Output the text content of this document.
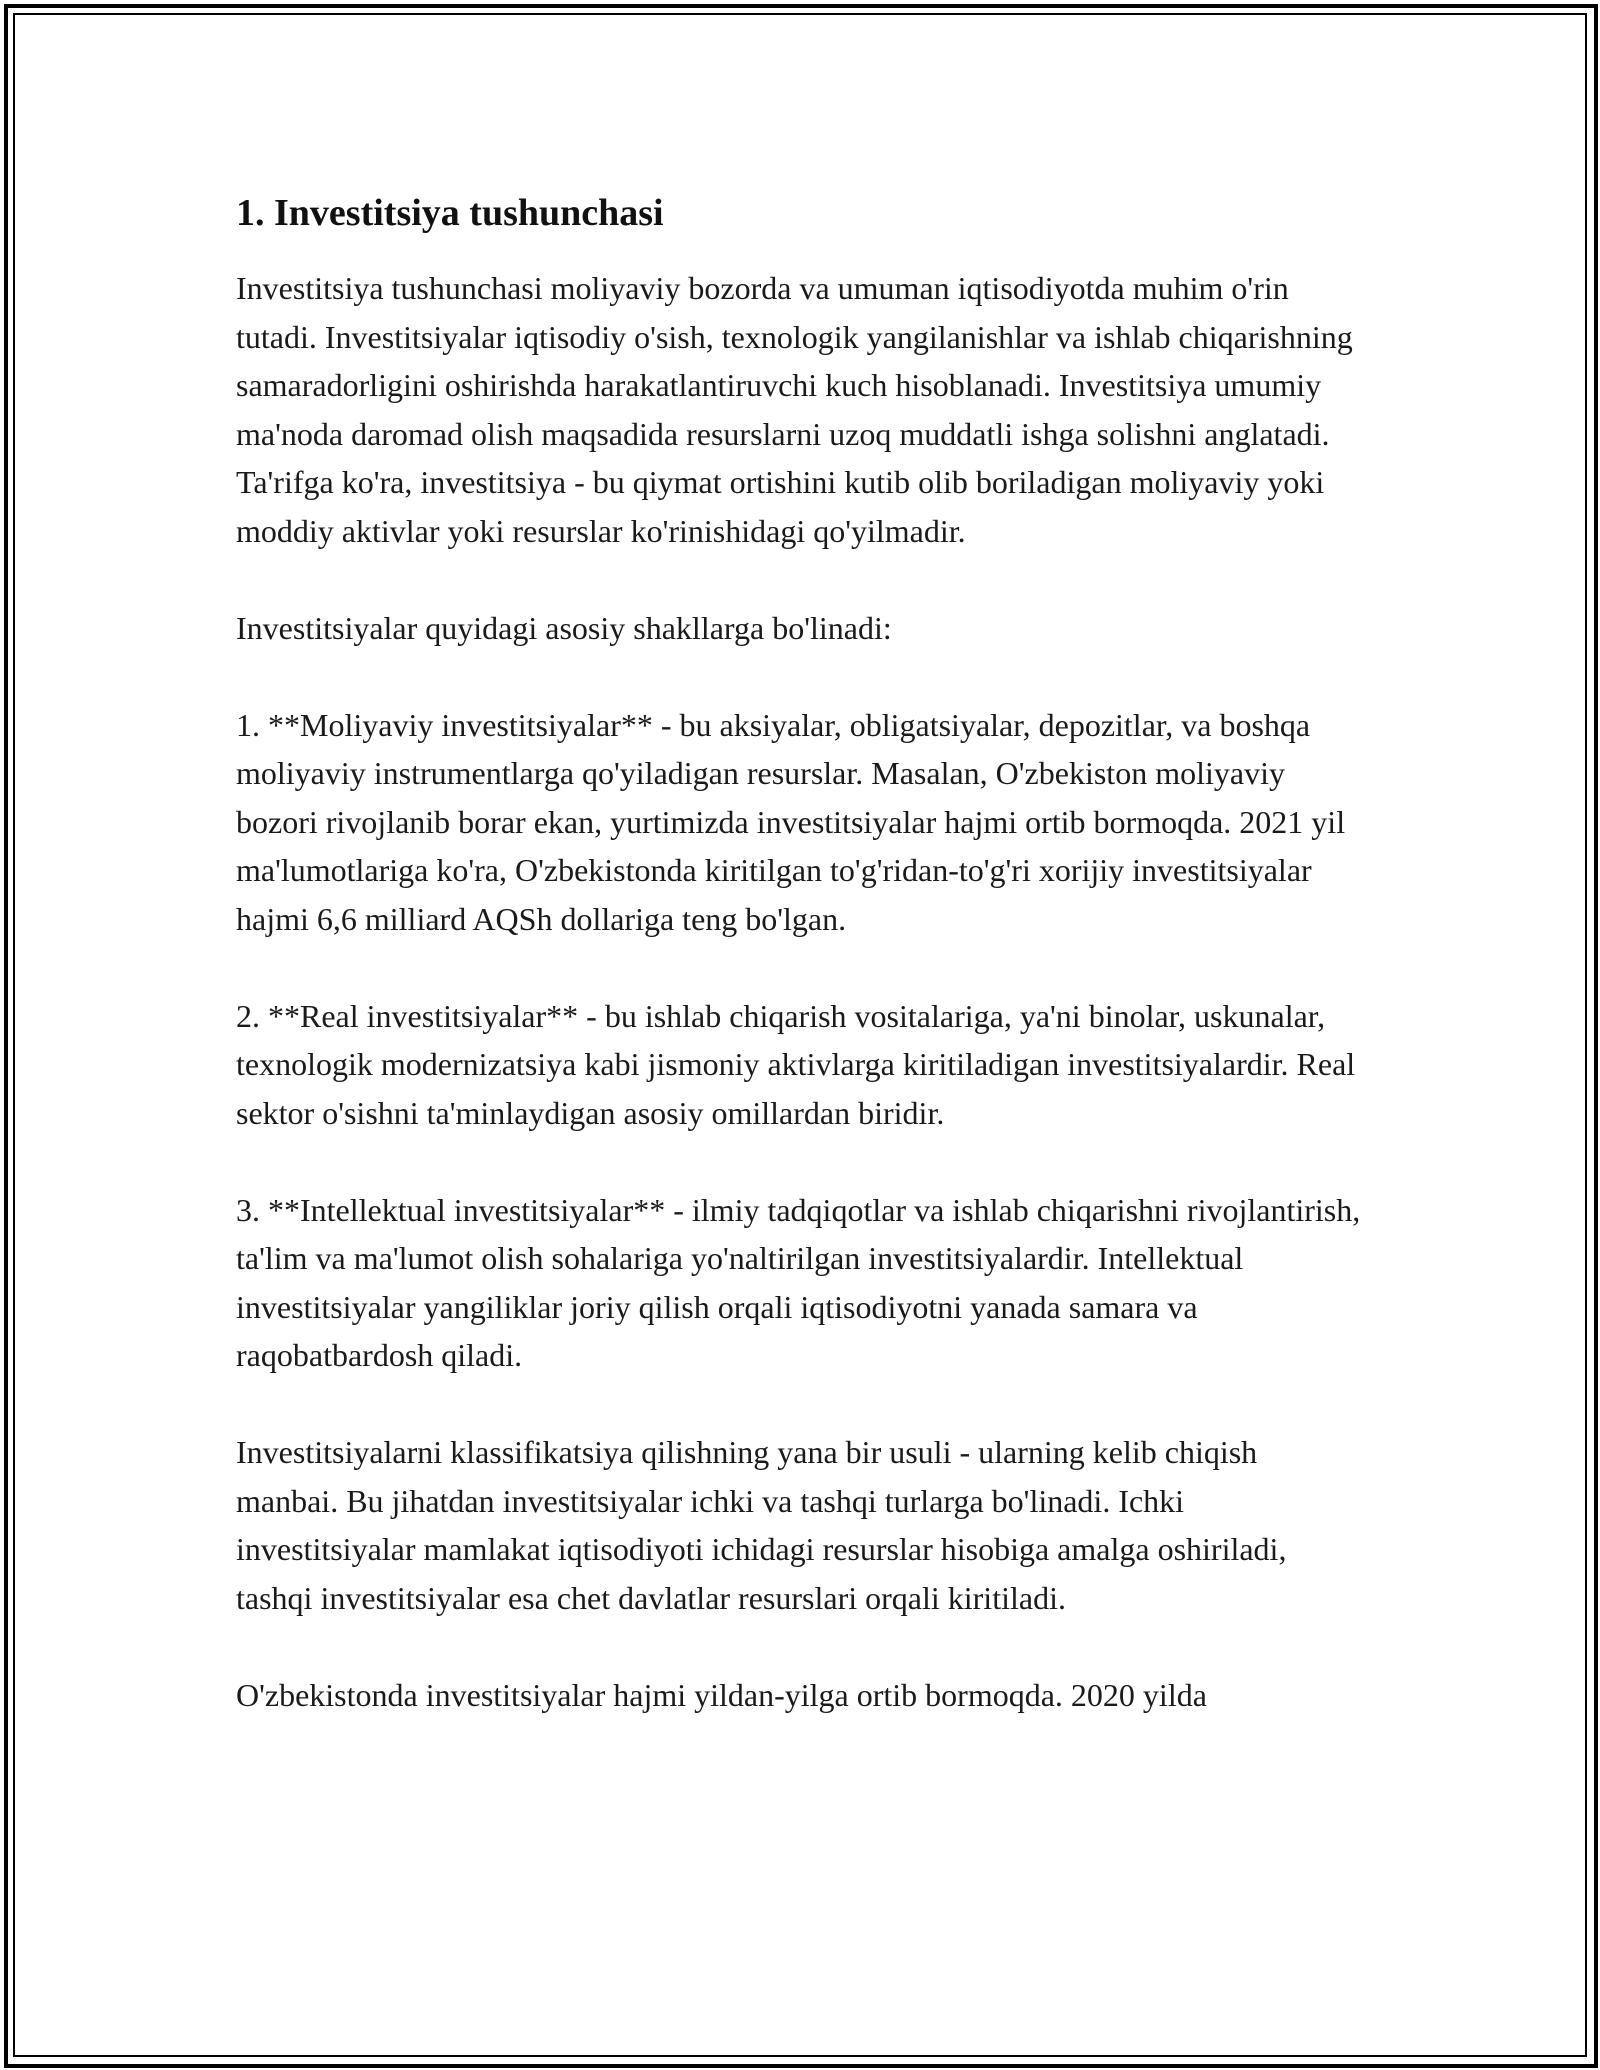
1. Investitsiya tushunchasi

Investitsiya tushunchasi moliyaviy bozorda va umuman iqtisodiyotda muhim o'rin tutadi. Investitsiyalar iqtisodiy o'sish, texnologik yangilanishlar va ishlab chiqarishning samaradorligini oshirishda harakatlantiruvchi kuch hisoblanadi. Investitsiya umumiy ma'noda daromad olish maqsadida resurslarni uzoq muddatli ishga solishni anglatadi. Ta'rifga ko'ra, investitsiya - bu qiymat ortishini kutib olib boriladigan moliyaviy yoki moddiy aktivlar yoki resurslar ko'rinishidagi qo'yilmadir.

Investitsiyalar quyidagi asosiy shakllarga bo'linadi:

1. **Moliyaviy investitsiyalar** - bu aksiyalar, obligatsiyalar, depozitlar, va boshqa moliyaviy instrumentlarga qo'yiladigan resurslar. Masalan, O'zbekiston moliyaviy bozori rivojlanib borar ekan, yurtimizda investitsiyalar hajmi ortib bormoqda. 2021 yil ma'lumotlariga ko'ra, O'zbekistonda kiritilgan to'g'ridan-to'g'ri xorijiy investitsiyalar hajmi 6,6 milliard AQSh dollariga teng bo'lgan.

2. **Real investitsiyalar** - bu ishlab chiqarish vositalariga, ya'ni binolar, uskunalar, texnologik modernizatsiya kabi jismoniy aktivlarga kiritiladigan investitsiyalardir. Real sektor o'sishni ta'minlaydigan asosiy omillardan biridir.

3. **Intellektual investitsiyalar** - ilmiy tadqiqotlar va ishlab chiqarishni rivojlantirish, ta'lim va ma'lumot olish sohalariga yo'naltirilgan investitsiyalardir. Intellektual investitsiyalar yangiliklar joriy qilish orqali iqtisodiyotni yanada samara va raqobatbardosh qiladi.

Investitsiyalarni klassifikatsiya qilishning yana bir usuli - ularning kelib chiqish manbai. Bu jihatdan investitsiyalar ichki va tashqi turlarga bo'linadi. Ichki investitsiyalar mamlakat iqtisodiyoti ichidagi resurslar hisobiga amalga oshiriladi, tashqi investitsiyalar esa chet davlatlar resurslari orqali kiritiladi.

O'zbekistonda investitsiyalar hajmi yildan-yilga ortib bormoqda. 2020 yilda
